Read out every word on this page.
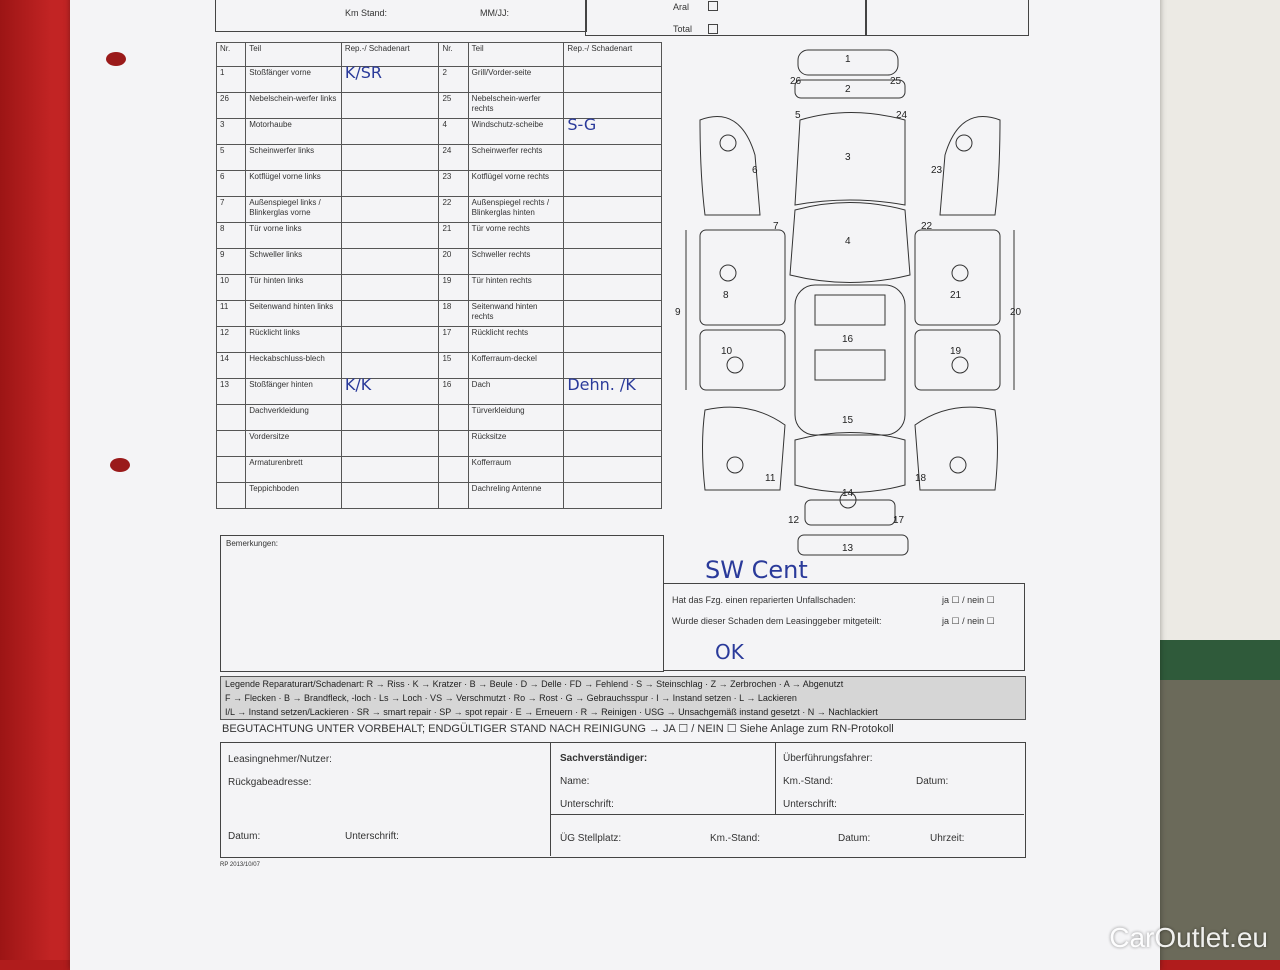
Km Stand:	MM/JJ:
Aral
Total
Nr.	Teil	Rep.-/ Schadenart	Nr.	Teil	Rep.-/ Schadenart
1	Stoßfänger vorne	K/SR	2	Grill/Vorder-seite	
26	Nebelschein-werfer links		25	Nebelschein-werfer rechts	
3	Motorhaube		4	Windschutz-scheibe	S-G
5	Scheinwerfer links		24	Scheinwerfer rechts	
6	Kotflügel vorne links		23	Kotflügel vorne rechts	
7	Außenspiegel links / Blinkerglas vorne		22	Außenspiegel rechts / Blinkerglas hinten	
8	Tür vorne links		21	Tür vorne rechts	
9	Schweller links		20	Schweller rechts	
10	Tür hinten links		19	Tür hinten rechts	
11	Seitenwand hinten links		18	Seitenwand hinten rechts	
12	Rücklicht links		17	Rücklicht rechts	
14	Heckabschluss-blech		15	Kofferraum-deckel	
13	Stoßfänger hinten	K/K	16	Dach	Dehn. /K
	Dachverkleidung			Türverkleidung	
	Vordersitze			Rücksitze	
	Armaturenbrett			Kofferraum	
	Teppichboden			Dachreling Antenne	
Bemerkungen:
1
2
3
4
5
6
7
8
9
10
11
12
13
14
15
16
17
18
19
20
21
22
23
24
25
26
SW Cent
Hat das Fzg. einen reparierten Unfallschaden:	ja ☐ / nein ☐
Wurde dieser Schaden dem Leasinggeber mitgeteilt:	ja ☐ / nein ☐
OK
Legende Reparaturart/Schadenart: R → Riss · K → Kratzer · B → Beule · D → Delle · FD → Fehlend · S → Steinschlag · Z → Zerbrochen · A → Abgenutzt
F → Flecken · B → Brandfleck, -loch · Ls → Loch · VS → Verschmutzt · Ro → Rost · G → Gebrauchsspur · I → Instand setzen · L → Lackieren
I/L → Instand setzen/Lackieren · SR → smart repair · SP → spot repair · E → Erneuern · R → Reinigen · USG → Unsachgemäß instand gesetzt · N → Nachlackiert
BEGUTACHTUNG UNTER VORBEHALT; ENDGÜLTIGER STAND NACH REINIGUNG → JA ☐ / NEIN ☐ Siehe Anlage zum RN-Protokoll
Leasingnehmer/Nutzer:
Rückgabeadresse:
Datum:	Unterschrift:
Sachverständiger:
Name:
Unterschrift:
Überführungsfahrer:
Km.-Stand:	Datum:
Unterschrift:
ÜG Stellplatz:	Km.-Stand:	Datum:	Uhrzeit:
RP 2013/10/07
CarOutlet.eu
